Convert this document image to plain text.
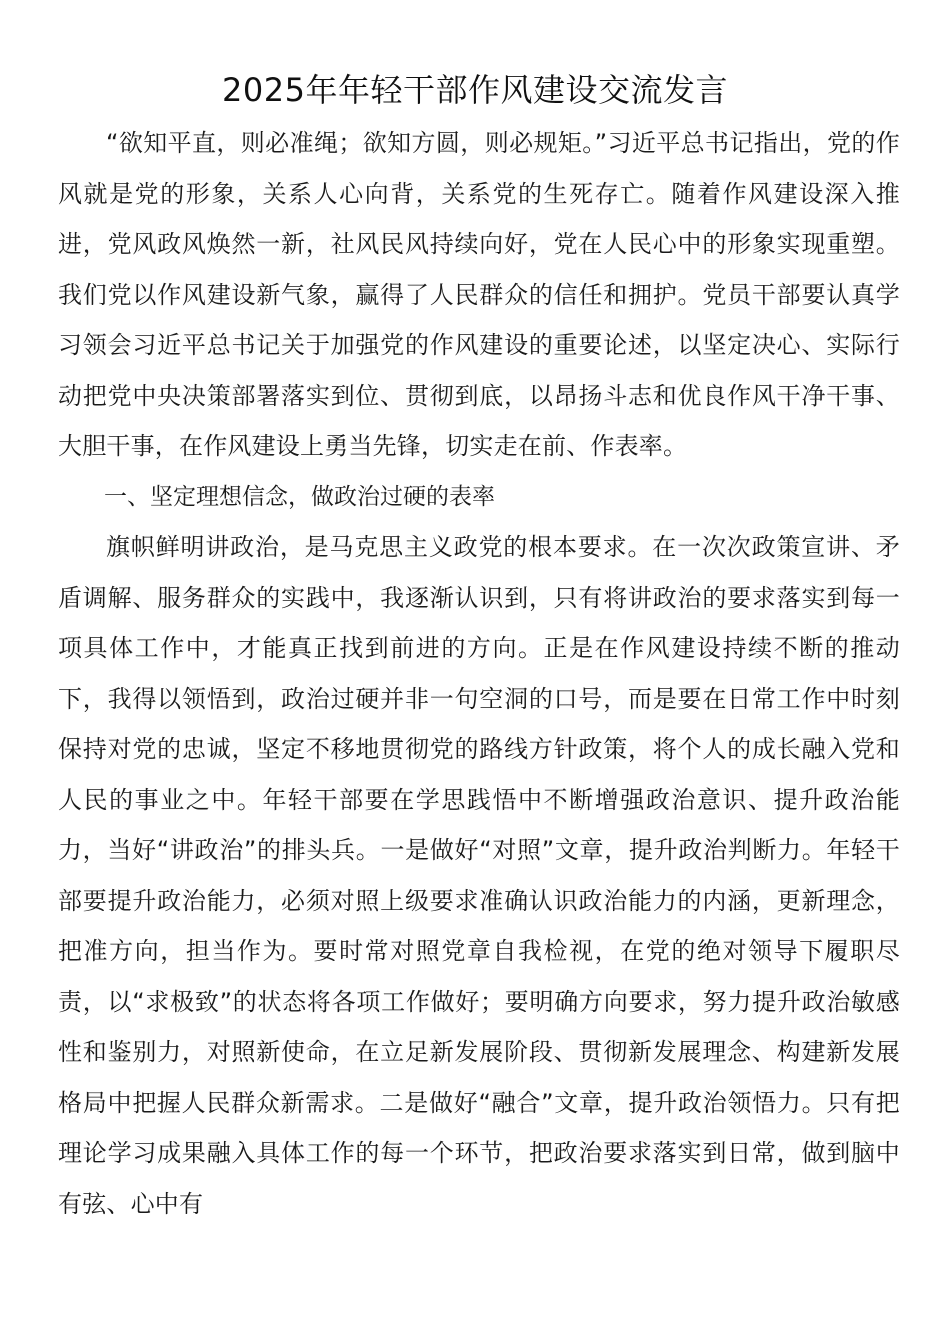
2025年年轻干部作风建设交流发言

“欲知平直，则必准绳；欲知方圆，则必规矩。”习近平总书记指出，党的作风就是党的形象，关系人心向背，关系党的生死存亡。随着作风建设深入推进，党风政风焕然一新，社风民风持续向好，党在人民心中的形象实现重塑。我们党以作风建设新气象，赢得了人民群众的信任和拥护。党员干部要认真学习领会习近平总书记关于加强党的作风建设的重要论述，以坚定决心、实际行动把党中央决策部署落实到位、贯彻到底，以昂扬斗志和优良作风干净干事、大胆干事，在作风建设上勇当先锋，切实走在前、作表率。

一、坚定理想信念，做政治过硬的表率

旗帜鲜明讲政治，是马克思主义政党的根本要求。在一次次政策宣讲、矛盾调解、服务群众的实践中，我逐渐认识到，只有将讲政治的要求落实到每一项具体工作中，才能真正找到前进的方向。正是在作风建设持续不断的推动下，我得以领悟到，政治过硬并非一句空洞的口号，而是要在日常工作中时刻保持对党的忠诚，坚定不移地贯彻党的路线方针政策，将个人的成长融入党和人民的事业之中。年轻干部要在学思践悟中不断增强政治意识、提升政治能力，当好“讲政治”的排头兵。一是做好“对照”文章，提升政治判断力。年轻干部要提升政治能力，必须对照上级要求准确认识政治能力的内涵，更新理念，把准方向，担当作为。要时常对照党章自我检视，在党的绝对领导下履职尽责，以“求极致”的状态将各项工作做好；要明确方向要求，努力提升政治敏感性和鉴别力，对照新使命，在立足新发展阶段、贯彻新发展理念、构建新发展格局中把握人民群众新需求。二是做好“融合”文章，提升政治领悟力。只有把理论学习成果融入具体工作的每一个环节，把政治要求落实到日常，做到脑中有弦、心中有
